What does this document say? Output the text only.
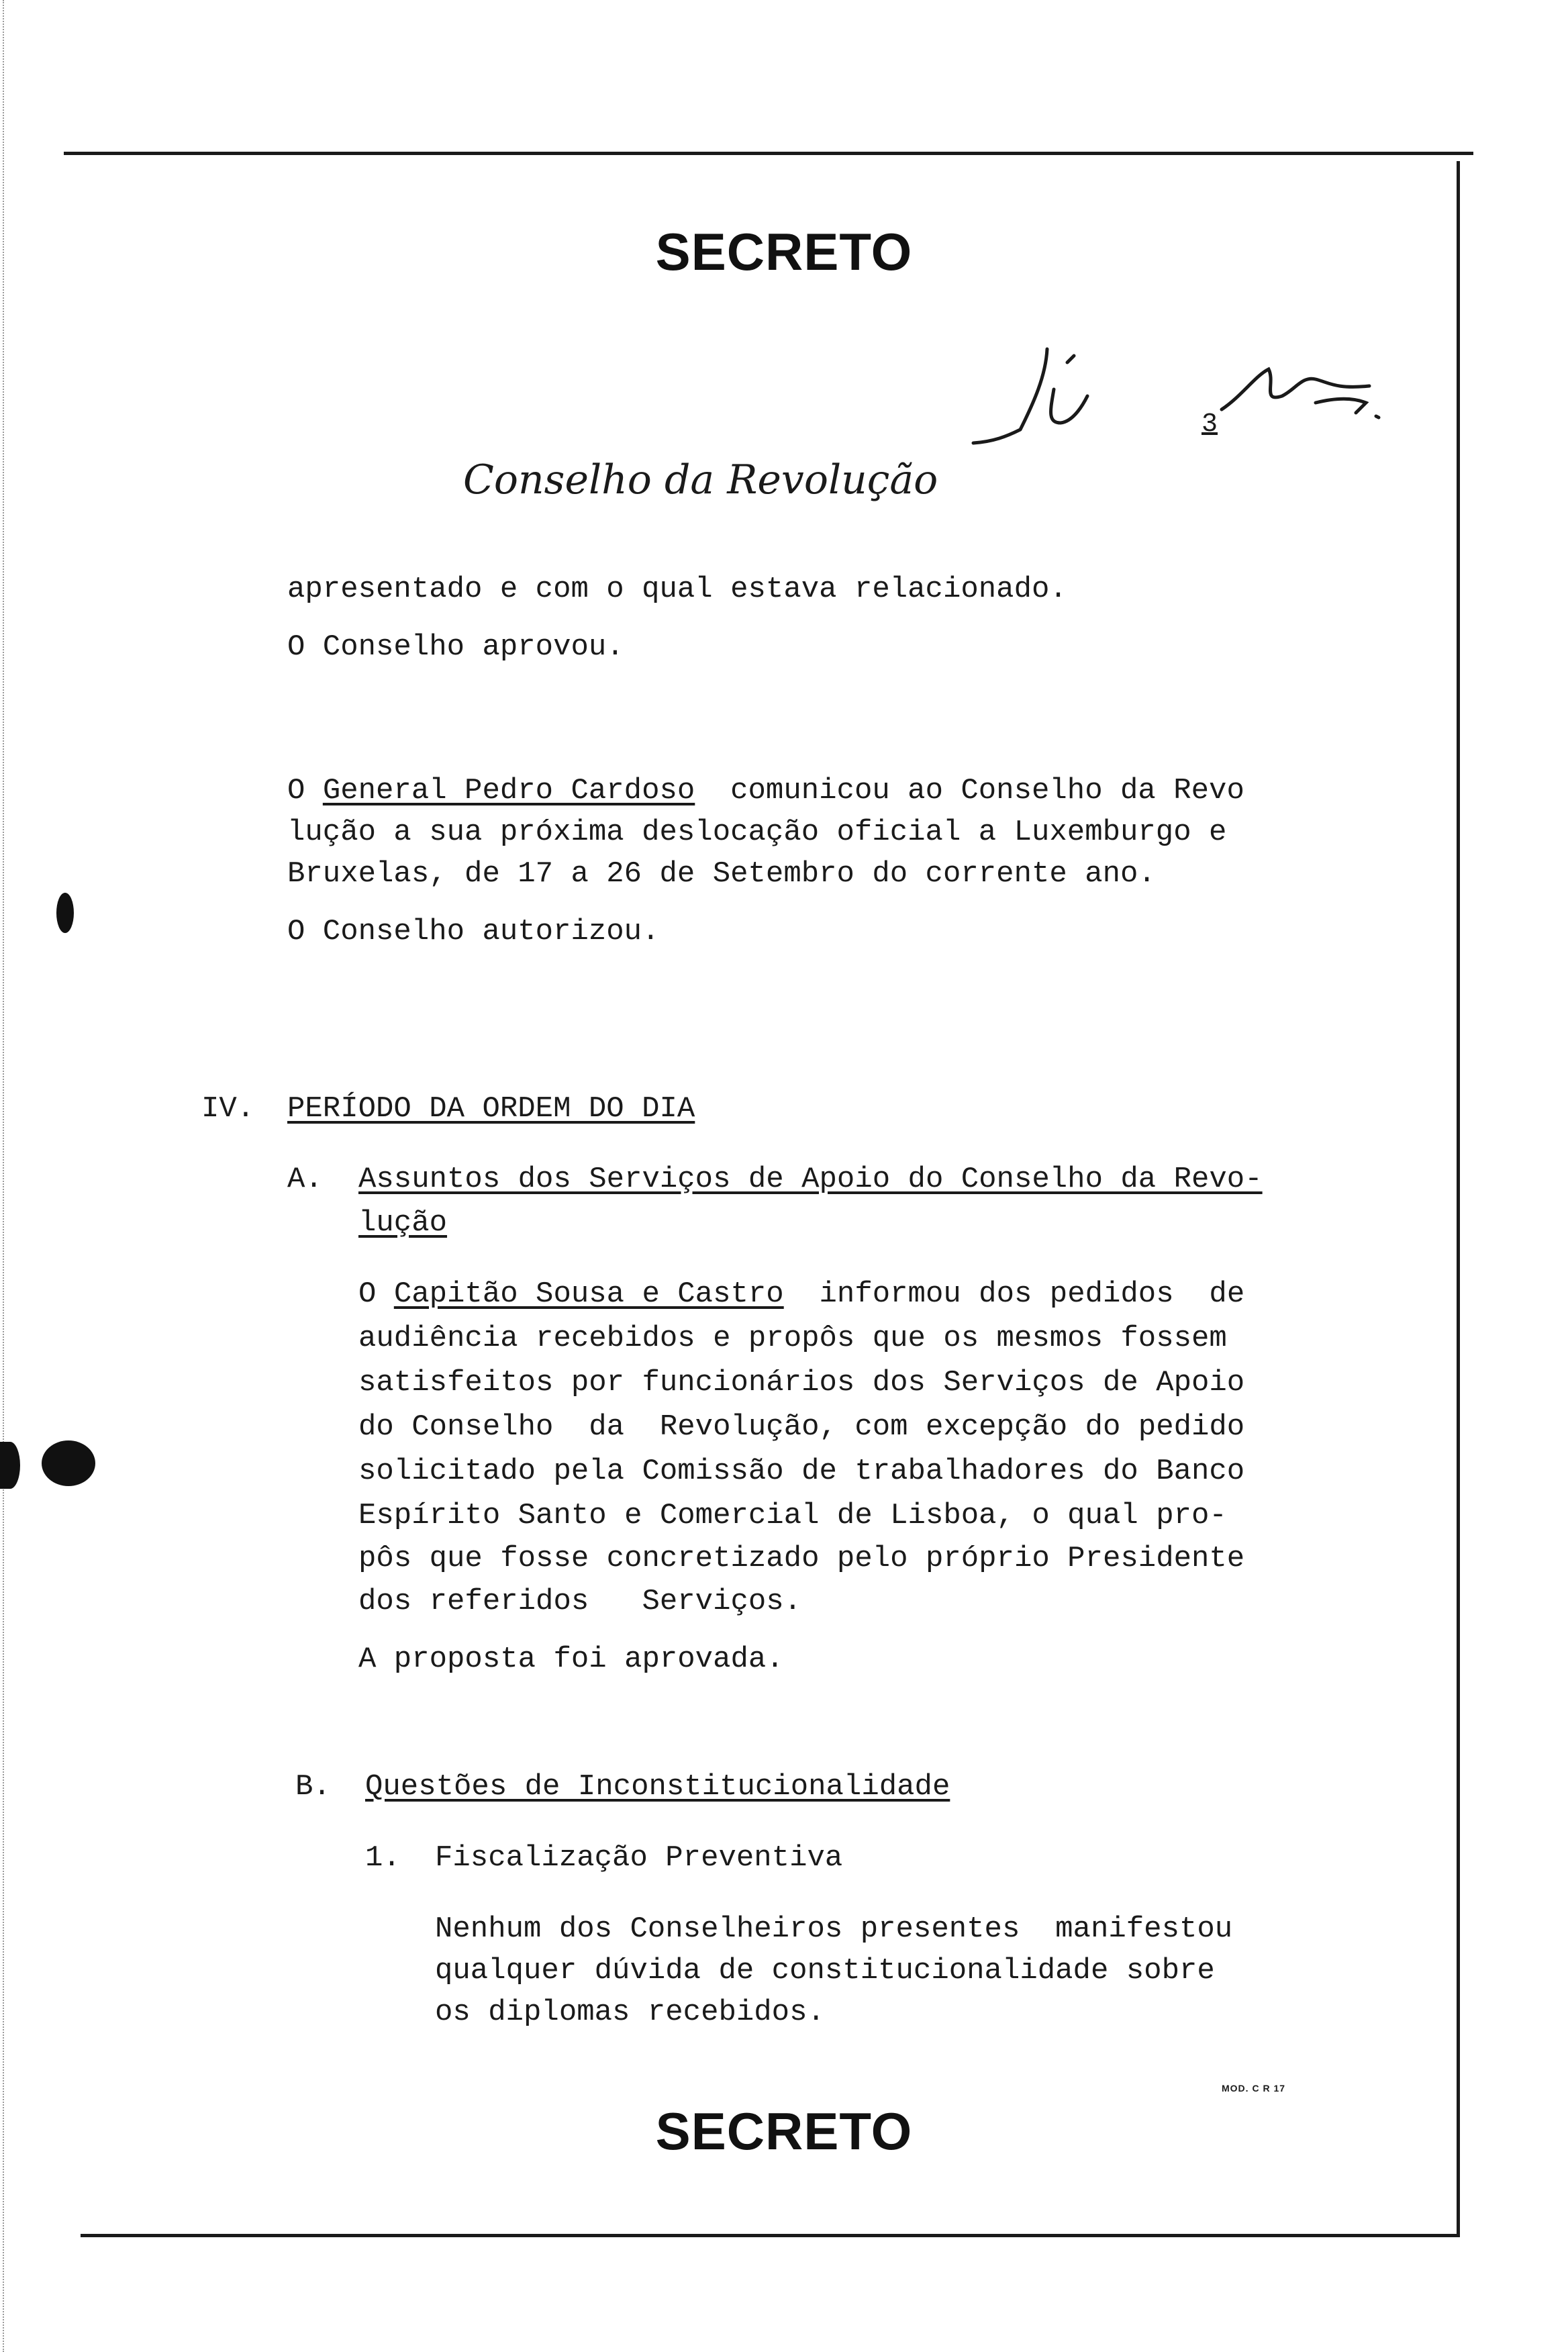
SECRETO
3
Conselho da Revolução
apresentado e com o qual estava relacionado.
O Conselho aprovou.
O General Pedro Cardoso  comunicou ao Conselho da Revo
lução a sua próxima deslocação oficial a Luxemburgo e
Bruxelas, de 17 a 26 de Setembro do corrente ano.
O Conselho autorizou.
IV. PERÍODO DA ORDEM DO DIA
A. Assuntos dos Serviços de Apoio do Conselho da Revo-
lução
O Capitão Sousa e Castro  informou dos pedidos  de
audiência recebidos e propôs que os mesmos fossem
satisfeitos por funcionários dos Serviços de Apoio
do Conselho  da  Revolução, com excepção do pedido
solicitado pela Comissão de trabalhadores do Banco
Espírito Santo e Comercial de Lisboa, o qual pro-
pôs que fosse concretizado pelo próprio Presidente
dos referidos   Serviços.
A proposta foi aprovada.
B. Questões de Inconstitucionalidade
1. Fiscalização Preventiva
Nenhum dos Conselheiros presentes  manifestou
qualquer dúvida de constitucionalidade sobre
os diplomas recebidos.
MOD. C R 17
SECRETO
